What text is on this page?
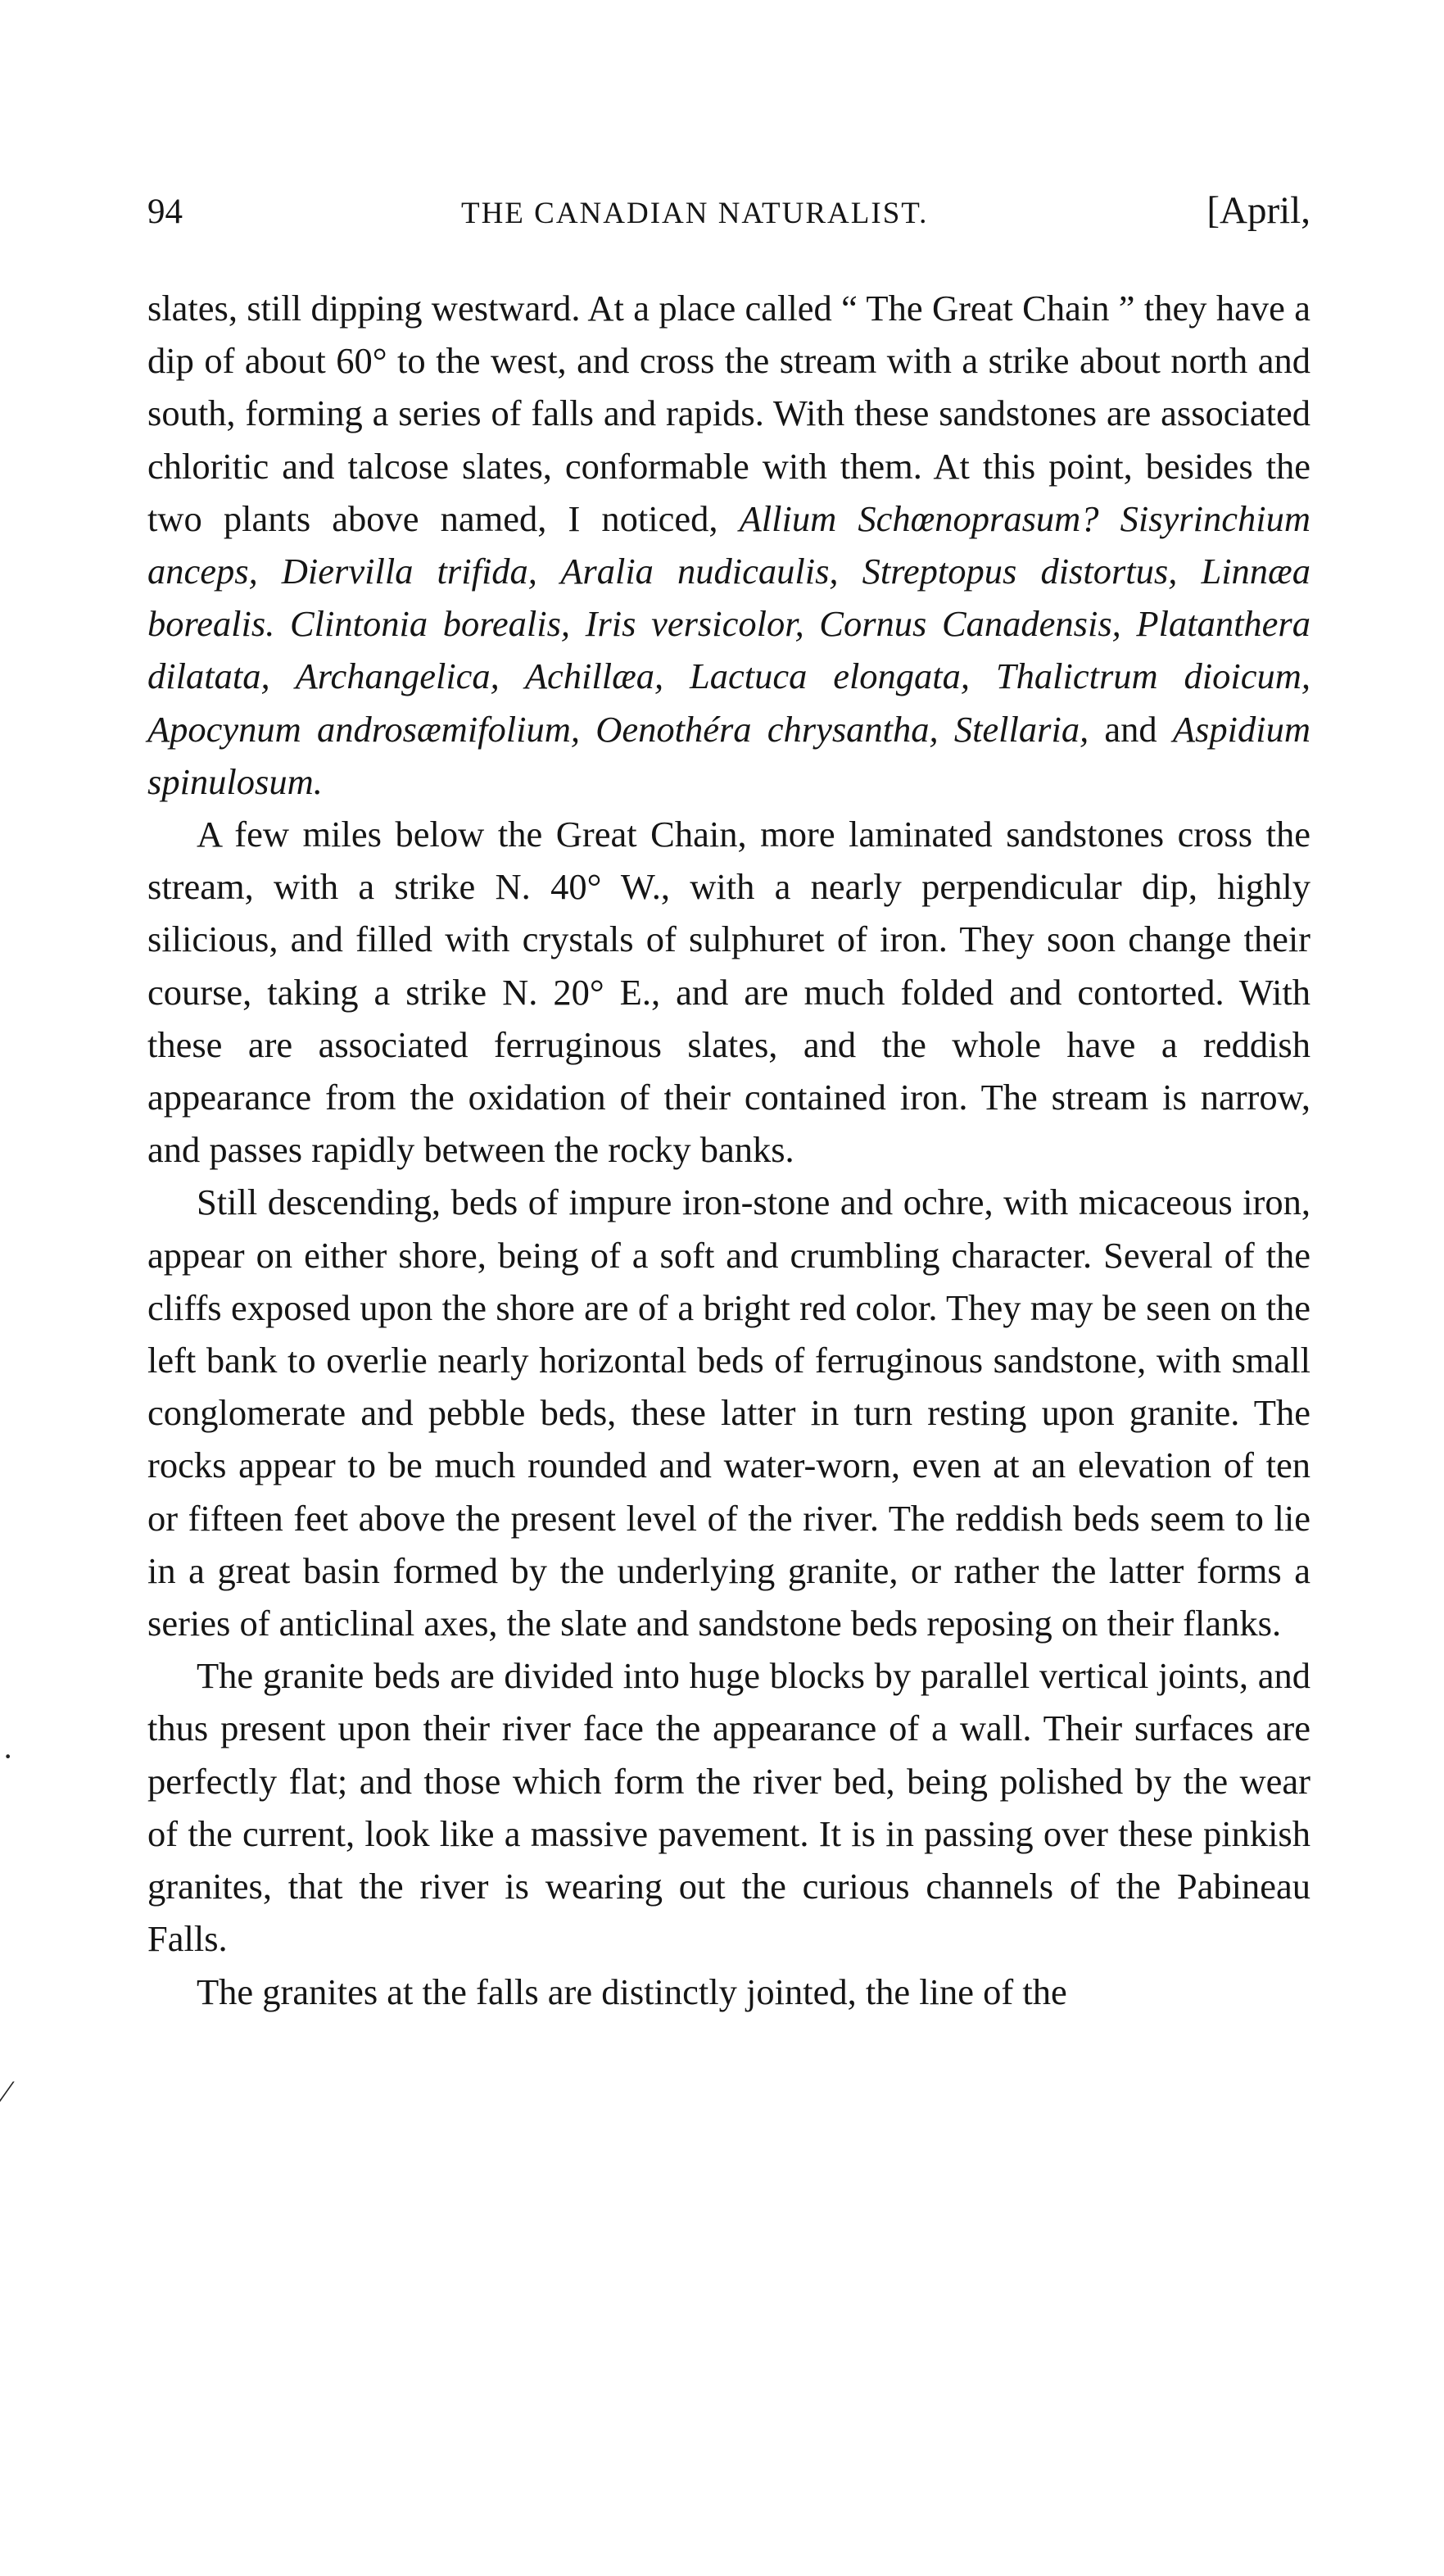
94	THE CANADIAN NATURALIST.	[April,

slates, still dipping westward. At a place called “ The Great Chain ” they have a dip of about 60° to the west, and cross the stream with a strike about north and south, forming a series of falls and rapids. With these sandstones are associated chloritic and talcose slates, conformable with them. At this point, besides the two plants above named, I noticed, Allium Schœnoprasum? Sisyrinchium anceps, Diervilla trifida, Aralia nudicaulis, Streptopus distortus, Linnæa borealis. Clintonia borealis, Iris versicolor, Cornus Canadensis, Platanthera dilatata, Archangelica, Achillæa, Lactuca elongata, Thalictrum dioicum, Apocynum androsæmifolium, Oenothéra chrysantha, Stellaria, and Aspidium spinulosum.

A few miles below the Great Chain, more laminated sandstones cross the stream, with a strike N. 40° W., with a nearly perpendicular dip, highly silicious, and filled with crystals of sulphuret of iron. They soon change their course, taking a strike N. 20° E., and are much folded and contorted. With these are associated ferruginous slates, and the whole have a reddish appearance from the oxidation of their contained iron. The stream is narrow, and passes rapidly between the rocky banks.

Still descending, beds of impure iron-stone and ochre, with micaceous iron, appear on either shore, being of a soft and crumbling character. Several of the cliffs exposed upon the shore are of a bright red color. They may be seen on the left bank to overlie nearly horizontal beds of ferruginous sandstone, with small conglomerate and pebble beds, these latter in turn resting upon granite. The rocks appear to be much rounded and water-worn, even at an elevation of ten or fifteen feet above the present level of the river. The reddish beds seem to lie in a great basin formed by the underlying granite, or rather the latter forms a series of anticlinal axes, the slate and sandstone beds reposing on their flanks.

The granite beds are divided into huge blocks by parallel vertical joints, and thus present upon their river face the appearance of a wall. Their surfaces are perfectly flat; and those which form the river bed, being polished by the wear of the current, look like a massive pavement. It is in passing over these pinkish granites, that the river is wearing out the curious channels of the Pabineau Falls.

The granites at the falls are distinctly jointed, the line of the

·
⁄
